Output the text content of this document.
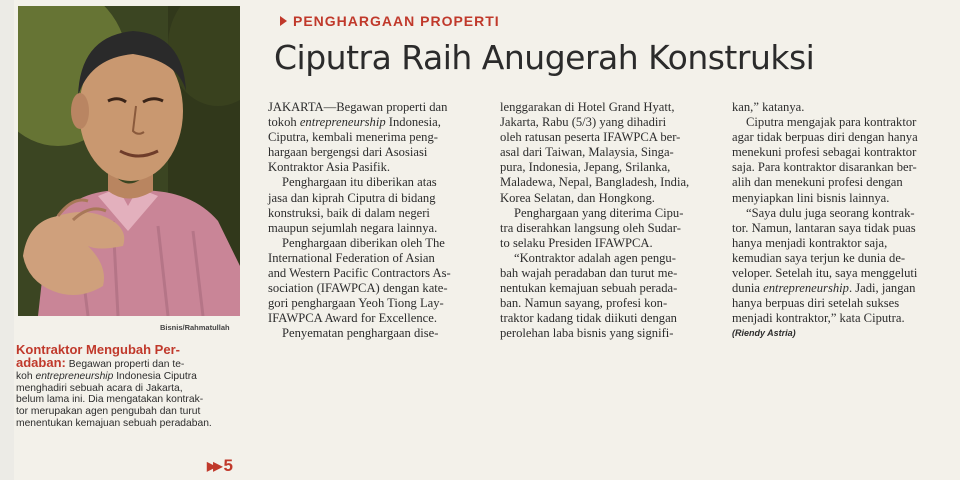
Bisnis/Rahmatullah
Kontraktor Mengubah Per-
adaban: Begawan properti dan te-
koh entrepreneurship Indonesia Ciputra
menghadiri sebuah acara di Jakarta,
belum lama ini. Dia mengatakan kontrak-
tor merupakan agen pengubah dan turut
menentukan kemajuan sebuah peradaban.
▶▶ 5
PENGHARGAAN PROPERTI
Ciputra Raih Anugerah Konstruksi
JAKARTA—Begawan properti dan
tokoh entrepreneurship Indonesia,
Ciputra, kembali menerima peng-
hargaan bergengsi dari Asosiasi
Kontraktor Asia Pasifik.
Penghargaan itu diberikan atas
jasa dan kiprah Ciputra di bidang
konstruksi, baik di dalam negeri
maupun sejumlah negara lainnya.
Penghargaan diberikan oleh The
International Federation of Asian
and Western Pacific Contractors As-
sociation (IFAWPCA) dengan kate-
gori penghargaan Yeoh Tiong Lay-
IFAWPCA Award for Excellence.
Penyematan penghargaan dise-
lenggarakan di Hotel Grand Hyatt,
Jakarta, Rabu (5/3) yang dihadiri
oleh ratusan peserta IFAWPCA ber-
asal dari Taiwan, Malaysia, Singa-
pura, Indonesia, Jepang, Srilanka,
Maladewa, Nepal, Bangladesh, India,
Korea Selatan, dan Hongkong.
Penghargaan yang diterima Cipu-
tra diserahkan langsung oleh Sudar-
to selaku Presiden IFAWPCA.
“Kontraktor adalah agen pengu-
bah wajah peradaban dan turut me-
nentukan kemajuan sebuah perada-
ban. Namun sayang, profesi kon-
traktor kadang tidak diikuti dengan
perolehan laba bisnis yang signifi-
kan,” katanya.
Ciputra mengajak para kontraktor
agar tidak berpuas diri dengan hanya
menekuni profesi sebagai kontraktor
saja. Para kontraktor disarankan ber-
alih dan menekuni profesi dengan
menyiapkan lini bisnis lainnya.
“Saya dulu juga seorang kontrak-
tor. Namun, lantaran saya tidak puas
hanya menjadi kontraktor saja,
kemudian saya terjun ke dunia de-
veloper. Setelah itu, saya menggeluti
dunia entrepreneurship. Jadi, jangan
hanya berpuas diri setelah sukses
menjadi kontraktor,” kata Ciputra.
(Riendy Astria)
